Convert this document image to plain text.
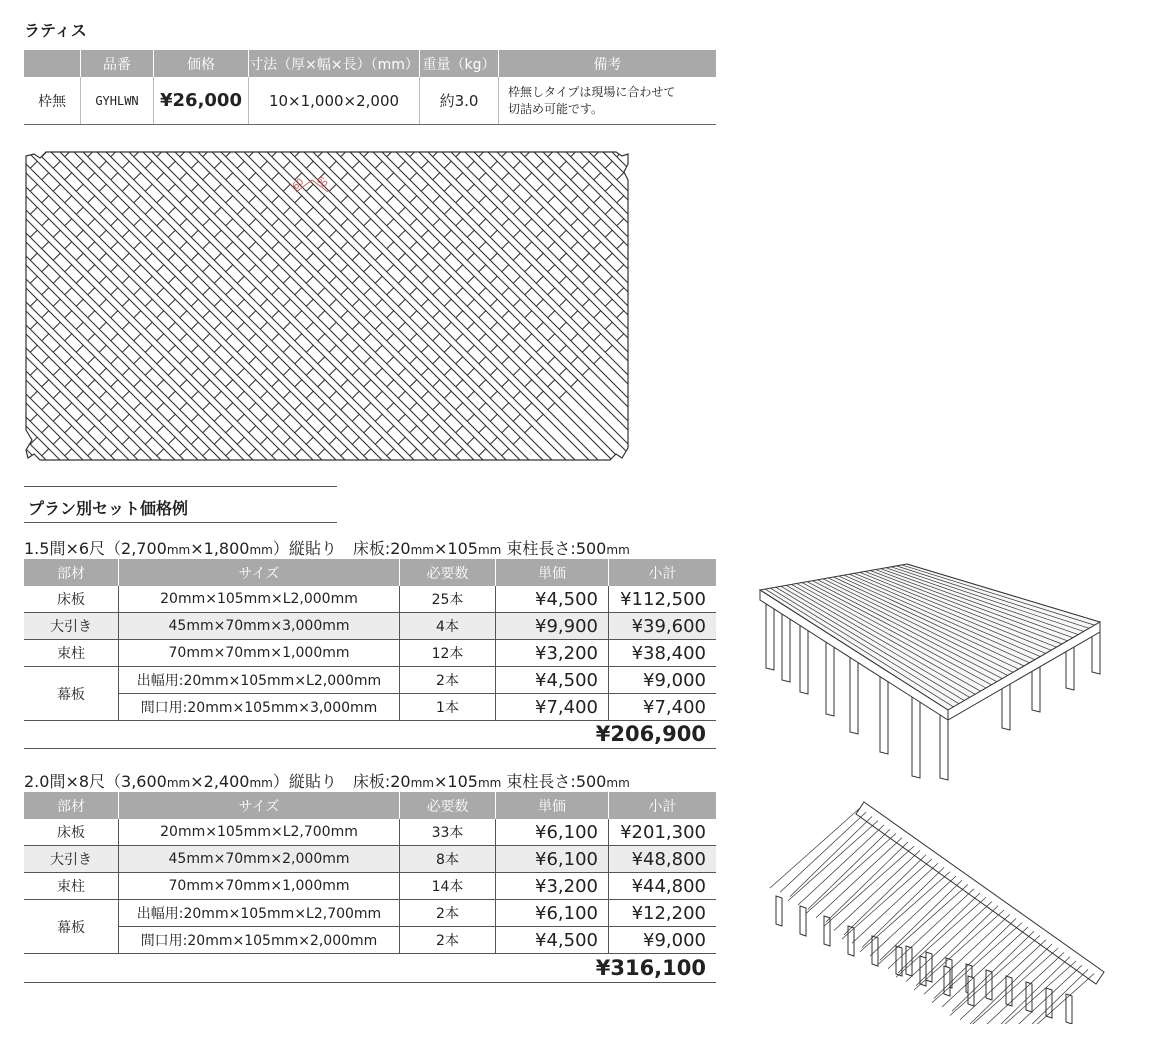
ラティス
	品番	価格	寸法（厚×幅×長）（mm）	重量（kg）	備考
枠無	GYHLWN	¥26,000	10×1,000×2,000	約3.0	枠無しタイプは現場に合わせて
切詰め可能です。
60 60
プラン別セット価格例
1.5間×6尺（2,700mm×1,800mm）縦貼り　床板:20mm×105mm 束柱長さ:500mm
部材	サイズ	必要数	単価	小計
床板	20mm×105mm×L2,000mm	25本	¥4,500	¥112,500
大引き	45mm×70mm×3,000mm	4本	¥9,900	¥39,600
束柱	70mm×70mm×1,000mm	12本	¥3,200	¥38,400
幕板	出幅用:20mm×105mm×L2,000mm	2本	¥4,500	¥9,000
	間口用:20mm×105mm×3,000mm	1本	¥7,400	¥7,400
¥206,900
2.0間×8尺（3,600mm×2,400mm）縦貼り　床板:20mm×105mm 束柱長さ:500mm
部材	サイズ	必要数	単価	小計
床板	20mm×105mm×L2,700mm	33本	¥6,100	¥201,300
大引き	45mm×70mm×2,000mm	8本	¥6,100	¥48,800
束柱	70mm×70mm×1,000mm	14本	¥3,200	¥44,800
幕板	出幅用:20mm×105mm×L2,700mm	2本	¥6,100	¥12,200
	間口用:20mm×105mm×2,000mm	2本	¥4,500	¥9,000
¥316,100
